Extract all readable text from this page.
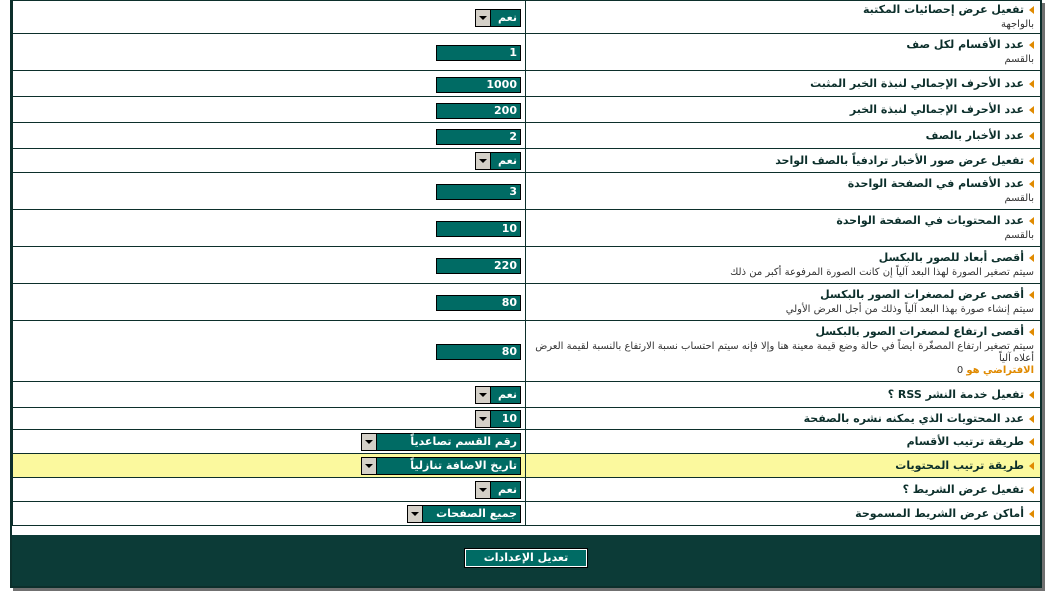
نعم	تفعيل عرض إحصائيات المكتبة
بالواجهة

1	عدد الأقسام لكل صف
بالقسم

1000	عدد الأحرف الإجمالي لنبذة الخبر المثبت

200	عدد الأحرف الإجمالي لنبذة الخبر

2	عدد الأخبار بالصف

نعم	تفعيل عرض صور الأخبار ترادفياً بالصف الواحد

3	عدد الأقسام في الصفحة الواحدة
بالقسم

10	عدد المحتويات في الصفحة الواحدة
بالقسم

220	أقصى أبعاد للصور بالبكسل
سيتم تصغير الصورة لهذا البعد آلياً إن كانت الصورة المرفوعة أكبر من ذلك

80	أقصى عرض لمصغرات الصور بالبكسل
سيتم إنشاء صورة بهذا البعد آلياً وذلك من أجل العرض الأولي

80	أقصى ارتفاع لمصغرات الصور بالبكسل
سيتم تصغير ارتفاع المصغّرة ايضاً في حالة وضع قيمة معينة هنا وإلا فإنه سيتم احتساب نسبة الارتفاع بالنسبة لقيمة العرض أعلاه آلياً
الافتراضي هو 0

نعم	تفعيل خدمة النشر RSS ؟

10	عدد المحتويات الذي يمكنه نشره بالصفحة

رقم القسم تصاعدياً	طريقة ترتيب الأقسام

تاريخ الاضافة تنازلياً	طريقة ترتيب المحتويات

نعم	تفعيل عرض الشريط ؟

جميع الصفحات	أماكن عرض الشريط المسموحة
تعديل الإعدادات
